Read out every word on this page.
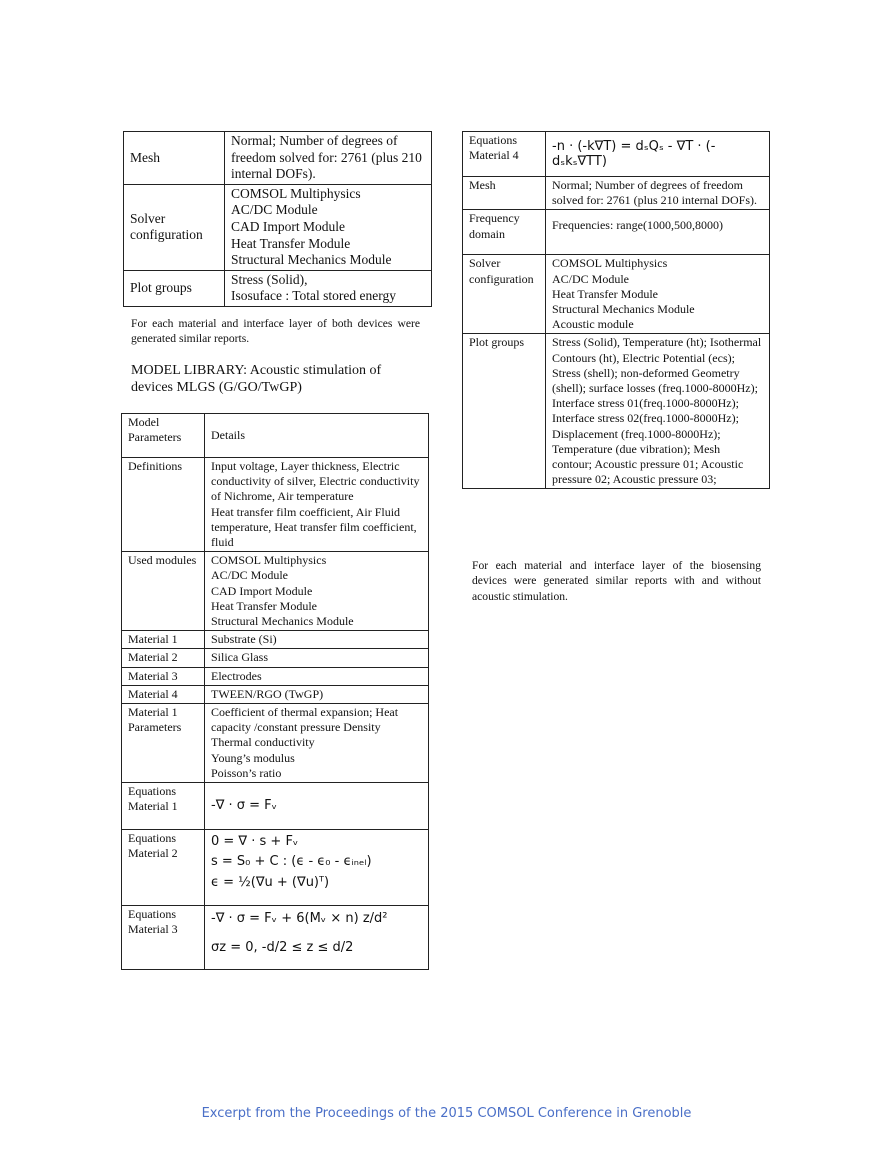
Mesh	Normal; Number of degrees of freedom solved for: 2761 (plus 210 internal DOFs).
Solver configuration	COMSOL Multiphysics
AC/DC Module
CAD Import Module
Heat Transfer Module
Structural Mechanics Module

Plot groups	Stress (Solid),
Isosuface : Total stored energy
For each material and interface layer of both devices were generated similar reports.
MODEL LIBRARY: Acoustic stimulation of devices MLGS (G/GO/TwGP)
Model Parameters	Details
Definitions	Input voltage, Layer thickness, Electric conductivity of silver, Electric conductivity of Nichrome, Air temperature
Heat transfer film coefficient, Air Fluid temperature, Heat transfer film coefficient, fluid

Used modules	COMSOL Multiphysics
AC/DC Module
CAD Import Module
Heat Transfer Module
Structural Mechanics Module

Material 1	Substrate (Si)
Material 2	Silica Glass
Material 3	Electrodes
Material 4	TWEEN/RGO (TwGP)
Material 1 Parameters	Coefficient of thermal expansion; Heat capacity /constant pressure Density
Thermal conductivity
Young’s modulus
Poisson’s ratio

Equations Material 1	-∇ · σ = Fᵥ

Equations Material 2	0 = ∇ · s + Fᵥ
s = S₀ + C : (ϵ - ϵ₀ - ϵᵢₙₑₗ)
ϵ = ½(∇u + (∇u)ᵀ)

Equations Material 3	-∇ · σ = Fᵥ + 6(Mᵥ × n) z/d²
σz = 0, -d/2 ≤ z ≤ d/2
Equations Material 4	-n · (-k∇T) = dₛQₛ - ∇T · (-dₛkₛ∇TT)

Mesh	Normal; Number of degrees of freedom solved for: 2761 (plus 210 internal DOFs).
Frequency domain	Frequencies: range(1000,500,8000)
Solver configuration	COMSOL Multiphysics
AC/DC Module
Heat Transfer Module
Structural Mechanics Module
Acoustic module

Plot groups	Stress (Solid), Temperature (ht); Isothermal Contours (ht), Electric Potential (ecs); Stress (shell); non-deformed Geometry (shell); surface losses (freq.1000-8000Hz); Interface stress 01(freq.1000-8000Hz); Interface stress 02(freq.1000-8000Hz); Displacement (freq.1000-8000Hz); Temperature (due vibration); Mesh contour; Acoustic pressure 01; Acoustic pressure 02; Acoustic pressure 03;
For each material and interface layer of the biosensing devices were generated similar reports with and without acoustic stimulation.
Excerpt from the Proceedings of the 2015 COMSOL Conference in Grenoble
